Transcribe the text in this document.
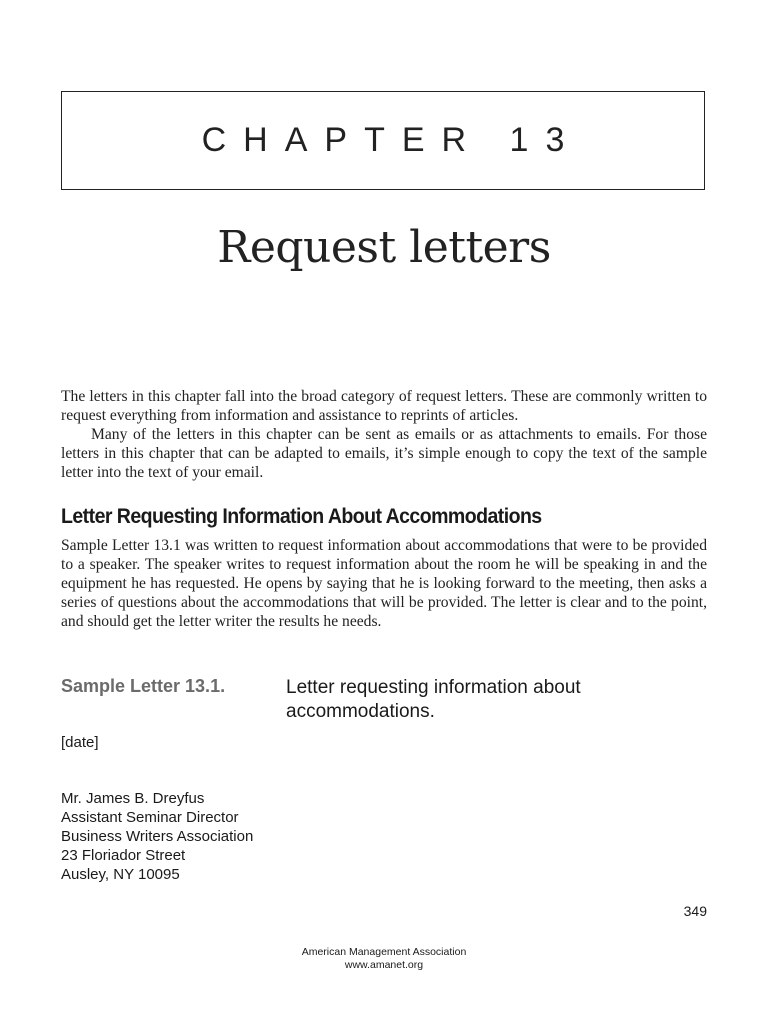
CHAPTER 13
Request letters

The letters in this chapter fall into the broad category of request letters. These are commonly written to request everything from information and assistance to reprints of articles.

Many of the letters in this chapter can be sent as emails or as attachments to emails. For those letters in this chapter that can be adapted to emails, it’s simple enough to copy the text of the sample letter into the text of your email.

Letter Requesting Information About Accommodations

Sample Letter 13.1 was written to request information about accommodations that were to be provided to a speaker. The speaker writes to request information about the room he will be speaking in and the equipment he has requested. He opens by saying that he is looking forward to the meeting, then asks a series of questions about the accommodations that will be provided. The letter is clear and to the point, and should get the letter writer the results he needs.

Sample Letter 13.1.	Letter requesting information about accommodations.
[date]
Mr. James B. Dreyfus
Assistant Seminar Director
Business Writers Association
23 Floriador Street
Ausley, NY 10095
349
American Management Association
www.amanet.org
